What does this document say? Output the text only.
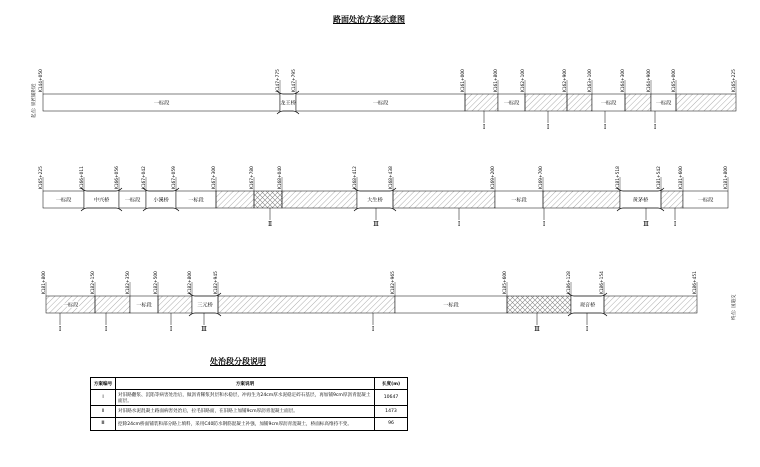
路面处治方案示意图
一标段	龙王桥	一标段	一标段	一标段	一标段
K144+050	K147+775	K147+795	K161+000	K161+800	K162+100	K162+900	K163+100	K164+300	K164+900	K165+000	K165+225
Ⅰ	Ⅰ	Ⅰ	Ⅰ
一标段	中兴桥	一标段 小溪桥	一标段	大生桥	一标段	黄茅桥	一标段
K165+225	K166+011	K166+056	K167+042	K167+059	K167+300	K167+780	K168+040	K168+412	K168+438	K169+200	K169+700	K181+518	K181+542	K181+600	K181+800
Ⅱ	Ⅲ	Ⅰ	Ⅰ	Ⅲ	Ⅰ
一标段	一标段	三元桥	一标段	观音桥
K181+800	K182+150	K182+350	K182+500	K182+800	K182+945	K182+965	K185+600	K186+128	K186+154	K186+451
Ⅰ	Ⅰ	Ⅰ	Ⅲ	Ⅰ	Ⅲ	Ⅰ
起点: 铁匠铺附近
终点: 国道交
处治段分段说明
方案编号	方案说明	长度(m)
Ⅰ	对旧路翻浆、沉陷等病害处治后，做沥青稀浆封层和水稳层，冲再生为24cm厚水泥稳定碎石基层，再加铺9cm厚沥青混凝土面层。	10647
Ⅱ	对旧路水泥混凝土路面病害处治后，拉毛旧路面，在旧路上加铺9cm厚沥青混凝土面层。	1473
Ⅲ	挖除24cm桥面铺装和部分路上填料，采用C40防水钢筋混凝土补强，加铺9cm厚沥青混凝土，桥面标高维持不变。	96
